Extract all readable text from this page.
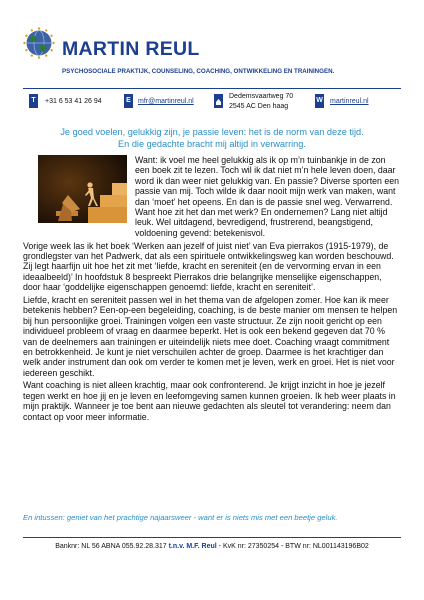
MARTIN REUL
PSYCHOSOCIALE PRAKTIJK, COUNSELING, COACHING, ONTWIKKELING EN TRAININGEN.
T	+31 6 53 41 26 94	E	mfr@martinreul.nl
Dedemsvaartweg 70
2545 AC Den haag
W martinreul.nl
Je goed voelen, gelukkig zijn, je passie leven: het is de norm van deze tijd.
En die gedachte bracht mij altijd in verwarring.

Want: ik voel me heel gelukkig als ik op m’n tuinbankje in de zon een boek zit te lezen. Toch wil ik dat niet m’n hele leven doen, daar word ik dan weer niet gelukkig van. En passie? Diverse sporten een passie van mij. Toch wilde ik daar nooit mijn werk van maken, want dan ‘moet’ het opeens. En dan is de passie snel weg. Verwarrend. Want hoe zit het dan met werk? En ondernemen? Lang niet altijd leuk. Wel uitdagend, bevredigend, frustrerend, beangstigend, voldoening gevend: betekenisvol.

Vorige week las ik het boek ‘Werken aan jezelf of juist niet’ van Eva pierrakos (1915-1979), de grondlegster van het Padwerk, dat als een spirituele ontwikkelingsweg kan worden beschouwd. Zij legt haarfijn uit hoe het zit met ‘liefde, kracht en sereniteit (en de vervorming ervan in een ideaalbeeld)’ In hoofdstuk 8 bespreekt Pierrakos drie belangrijke menselijke eigenschappen, door haar ‘goddelijke eigenschappen genoemd: liefde, kracht en sereniteit’.

Liefde, kracht en sereniteit passen wel in het thema van de afgelopen zomer. Hoe kan ik meer betekenis hebben? Een-op-een begeleiding, coaching, is de beste manier om mensen te helpen bij hun persoonlijke groei. Trainingen volgen een vaste structuur. Ze zijn nooit gericht op een individueel probleem of vraag en daarmee beperkt. Het is ook een bekend gegeven dat 70 % van de deelnemers aan trainingen er uiteindelijk niets mee doet. Coaching vraagt commitment en betrokkenheid. Je kunt je niet verschuilen achter de groep. Daarmee is het krachtiger dan welk ander instrument dan ook om verder te komen met je leven, werk en groei. Het is niet voor iedereen geschikt.

Want coaching is niet alleen krachtig, maar ook confronterend. Je krijgt inzicht in hoe je jezelf tegen werkt en hoe jij en je leven en leefomgeving samen kunnen groeien. Ik heb weer plaats in mijn praktijk. Wanneer je toe bent aan nieuwe gedachten als sleutel tot verandering: neem dan contact op voor meer informatie.

En intussen: geniet van het prachtige najaarsweer - want er is niets mis met een beetje geluk.
Banknr: NL 56 ABNA 055.92.28.317 t.n.v. M.F. Reul - KvK nr: 27350254 - BTW nr: NL001143196B02
